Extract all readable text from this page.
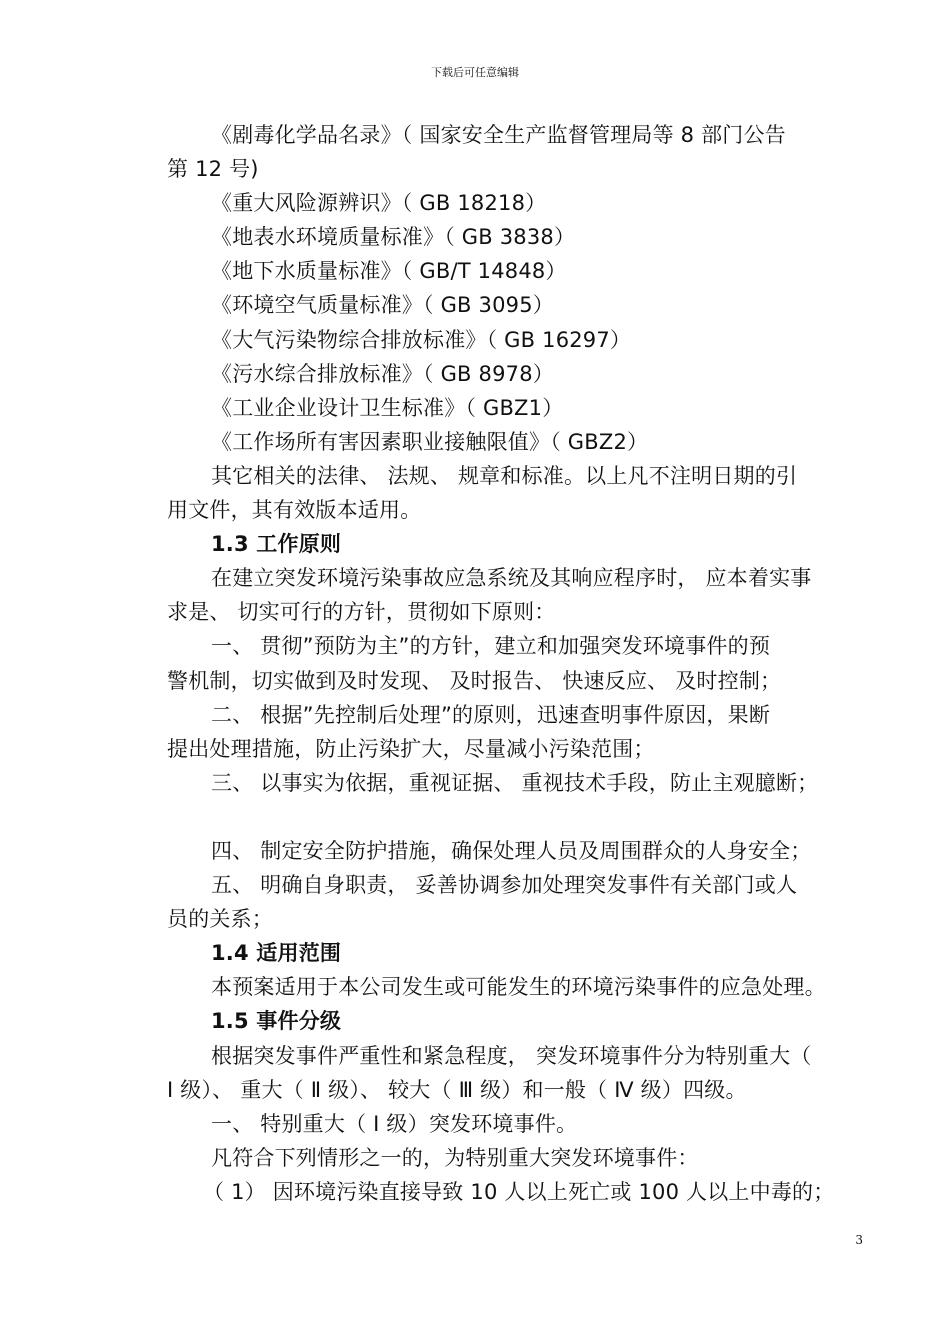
下载后可任意编辑
《剧毒化学品名录》（ 国家安全生产监督管理局等 8 部门公告
第 12 号)
《重大风险源辨识》（ GB 18218）
《地表水环境质量标准》（ GB 3838）
《地下水质量标准》（ GB/T 14848）
《环境空气质量标准》（ GB 3095）
《大气污染物综合排放标准》（ GB 16297）
《污水综合排放标准》（ GB 8978）
《工业企业设计卫生标准》（ GBZ1）
《工作场所有害因素职业接触限值》（ GBZ2）
其它相关的法律、 法规、 规章和标准。以上凡不注明日期的引
用文件，其有效版本适用。
1.3 工作原则
在建立突发环境污染事故应急系统及其响应程序时， 应本着实事
求是、 切实可行的方针，贯彻如下原则：
一、 贯彻”预防为主”的方针，建立和加强突发环境事件的预
警机制，切实做到及时发现、 及时报告、 快速反应、 及时控制；
二、 根据”先控制后处理”的原则，迅速查明事件原因，果断
提出处理措施，防止污染扩大，尽量减小污染范围；
三、 以事实为依据，重视证据、 重视技术手段，防止主观臆断；
四、 制定安全防护措施，确保处理人员及周围群众的人身安全；
五、 明确自身职责， 妥善协调参加处理突发事件有关部门或人
员的关系；
1.4 适用范围
本预案适用于本公司发生或可能发生的环境污染事件的应急处理。
1.5 事件分级
根据突发事件严重性和紧急程度， 突发环境事件分为特别重大（
Ⅰ 级）、 重大（ Ⅱ 级）、 较大（ Ⅲ 级）和一般（ Ⅳ 级）四级。
一、 特别重大（ Ⅰ 级）突发环境事件。
凡符合下列情形之一的，为特别重大突发环境事件：
（ 1） 因环境污染直接导致 10 人以上死亡或 100 人以上中毒的；
3
